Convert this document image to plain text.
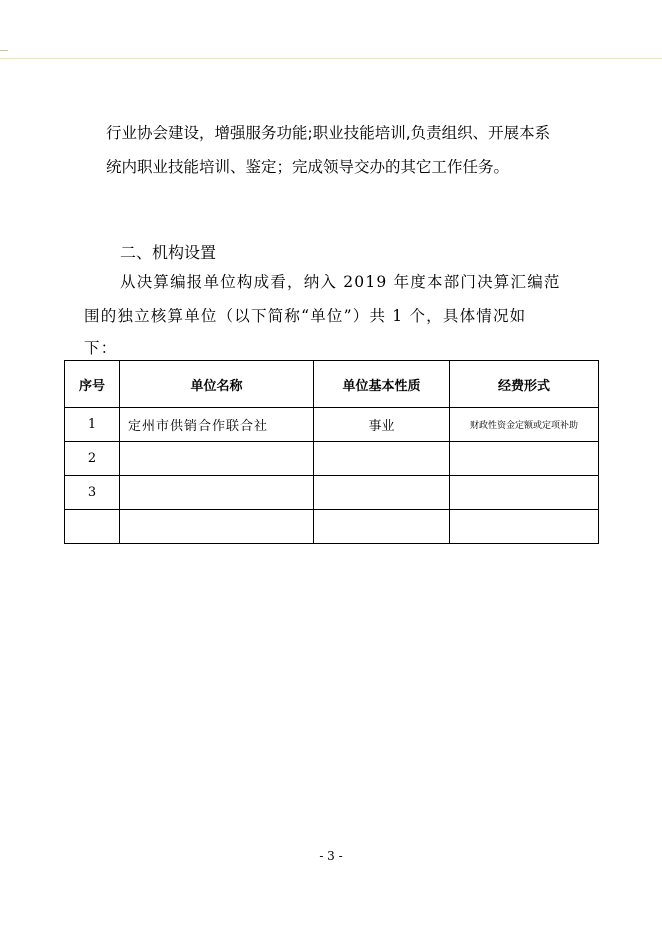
行业协会建设，增强服务功能;职业技能培训,负责组织、开展本系
统内职业技能培训、鉴定；完成领导交办的其它工作任务。
二、机构设置
从决算编报单位构成看，纳入 2019 年度本部门决算汇编范
围的独立核算单位（以下简称“单位”）共 1 个，具体情况如
下：
序号	单位名称	单位基本性质	经费形式
1	定州市供销合作联合社	事业	财政性资金定额或定项补助
2			
3			

- 3 -
